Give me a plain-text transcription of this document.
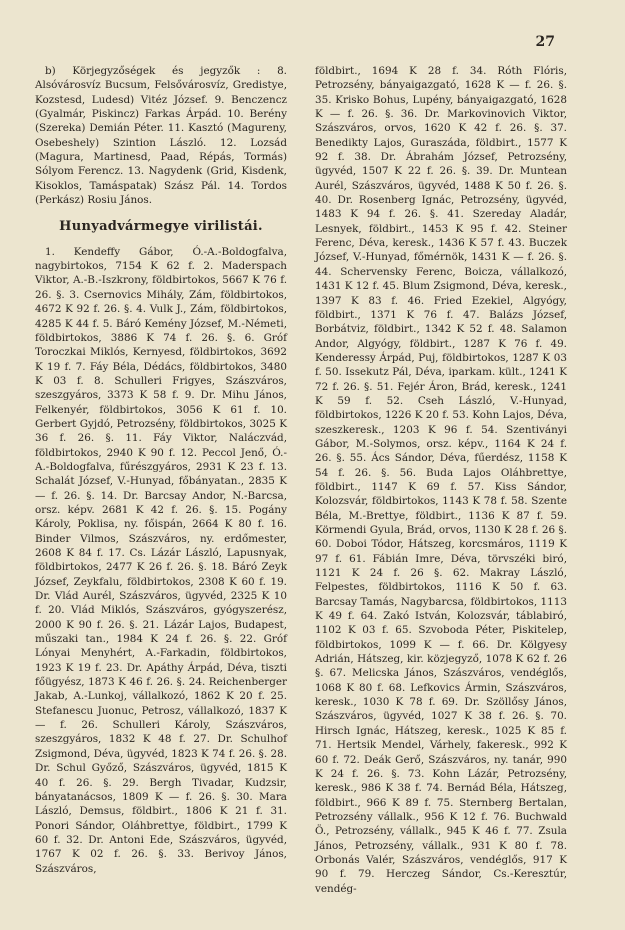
27

b) Körjegyzőségek és jegyzők : 8. Alsóvárosvíz Bucsum, Felsővárosvíz, Gredistye, Kozstesd, Ludesd) Vitéz József. 9. Benczencz (Gyalmár, Piskincz) Farkas Árpád. 10. Berény (Szereka) Demián Péter. 11. Kasztó (Magureny, Osebeshely) Szintion László. 12. Lozsád (Magura, Martinesd, Paad, Répás, Tormás) Sólyom Ferencz. 13. Nagydenk (Grid, Kisdenk, Kisoklos, Tamáspatak) Szász Pál. 14. Tordos (Perkász) Rosiu János.

Hunyadvármegye virilistái.

1. Kendeffy Gábor, Ó.-A.-Boldogfalva, nagybirtokos, 7154 K 62 f. 2. Maderspach Viktor, A.-B.-Iszkrony, földbirtokos, 5667 K 76 f. 26. §. 3. Csernovics Mihály, Zám, földbirtokos, 4672 K 92 f. 26. §. 4. Vulk J., Zám, földbirtokos, 4285 K 44 f. 5. Báró Kemény József, M.-Németi, földbirtokos, 3886 K 74 f. 26. §. 6. Gróf Toroczkai Miklós, Kernyesd, földbirtokos, 3692 K 19 f. 7. Fáy Béla, Dédács, földbirtokos, 3480 K 03 f. 8. Schulleri Frigyes, Szászváros, szeszgyáros, 3373 K 58 f. 9. Dr. Mihu János, Felkenyér, földbirtokos, 3056 K 61 f. 10. Gerbert Gyjdó, Petrozsény, földbirtokos, 3025 K 36 f. 26. §. 11. Fáy Viktor, Naláczvád, földbirtokos, 2940 K 90 f. 12. Peccol Jenő, Ó.-A.-Boldogfalva, fűrészgyáros, 2931 K 23 f. 13. Schalát József, V.-Hunyad, főbányatan., 2835 K — f. 26. §. 14. Dr. Barcsay Andor, N.-Barcsa, orsz. képv. 2681 K 42 f. 26. §. 15. Pogány Károly, Poklisa, ny. főispán, 2664 K 80 f. 16. Binder Vilmos, Szászváros, ny. erdőmester, 2608 K 84 f. 17. Cs. Lázár László, Lapusnyak, földbirtokos, 2477 K 26 f. 26. §. 18. Báró Zeyk József, Zeykfalu, földbirtokos, 2308 K 60 f. 19. Dr. Vlád Aurél, Szászváros, ügyvéd, 2325 K 10 f. 20. Vlád Miklós, Szászváros, gyógyszerész, 2000 K 90 f. 26. §. 21. Lázár Lajos, Budapest, műszaki tan., 1984 K 24 f. 26. §. 22. Gróf Lónyai Menyhért, A.-Farkadin, földbirtokos, 1923 K 19 f. 23. Dr. Apáthy Árpád, Déva, tiszti főügyész, 1873 K 46 f. 26. §. 24. Reichenberger Jakab, A.-Lunkoj, vállalkozó, 1862 K 20 f. 25. Stefanescu Juonuc, Petrosz, vállalkozó, 1837 K — f. 26. Schulleri Károly, Szászváros, szeszgyáros, 1832 K 48 f. 27. Dr. Schulhof Zsigmond, Déva, ügyvéd, 1823 K 74 f. 26. §. 28. Dr. Schul Győző, Szászváros, ügyvéd, 1815 K 40 f. 26. §. 29. Bergh Tivadar, Kudzsir, bányatanácsos, 1809 K — f. 26. §. 30. Mara László, Demsus, földbirt., 1806 K 21 f. 31. Ponori Sándor, Oláhbrettye, földbirt., 1799 K 60 f. 32. Dr. Antoni Ede, Szászváros, ügyvéd, 1767 K 02 f. 26. §. 33. Berivoy János, Szászváros,

földbirt., 1694 K 28 f. 34. Róth Flóris, Petrozsény, bányaigazgató, 1628 K — f. 26. §. 35. Krisko Bohus, Lupény, bányaigazgató, 1628 K — f. 26. §. 36. Dr. Markovinovich Viktor, Szászváros, orvos, 1620 K 42 f. 26. §. 37. Benedikty Lajos, Guraszáda, földbirt., 1577 K 92 f. 38. Dr. Ábrahám József, Petrozsény, ügyvéd, 1507 K 22 f. 26. §. 39. Dr. Muntean Aurél, Szászváros, ügyvéd, 1488 K 50 f. 26. §. 40. Dr. Rosenberg Ignác, Petrozsény, ügyvéd, 1483 K 94 f. 26. §. 41. Szereday Aladár, Lesnyek, földbirt., 1453 K 95 f. 42. Steiner Ferenc, Déva, keresk., 1436 K 57 f. 43. Buczek József, V.-Hunyad, főmérnök, 1431 K — f. 26. §. 44. Schervensky Ferenc, Boicza, vállalkozó, 1431 K 12 f. 45. Blum Zsigmond, Déva, keresk., 1397 K 83 f. 46. Fried Ezekiel, Algyógy, földbirt., 1371 K 76 f. 47. Balázs József, Borbátviz, földbirt., 1342 K 52 f. 48. Salamon Andor, Algyógy, földbirt., 1287 K 76 f. 49. Kenderessy Árpád, Puj, földbirtokos, 1287 K 03 f. 50. Issekutz Pál, Déva, iparkam. kült., 1241 K 72 f. 26. §. 51. Fejér Áron, Brád, keresk., 1241 K 59 f. 52. Cseh László, V.-Hunyad, földbirtokos, 1226 K 20 f. 53. Kohn Lajos, Déva, szeszkeresk., 1203 K 96 f. 54. Szentiványi Gábor, M.-Solymos, orsz. képv., 1164 K 24 f. 26. §. 55. Ács Sándor, Déva, fűerdész, 1158 K 54 f. 26. §. 56. Buda Lajos Oláhbrettye, földbirt., 1147 K 69 f. 57. Kiss Sándor, Kolozsvár, földbirtokos, 1143 K 78 f. 58. Szente Béla, M.-Brettye, földbirt., 1136 K 87 f. 59. Körmendi Gyula, Brád, orvos, 1130 K 28 f. 26 §. 60. Doboi Tódor, Hátszeg, korcsmáros, 1119 K 97 f. 61. Fábián Imre, Déva, törvszéki biró, 1121 K 24 f. 26 §. 62. Makray László, Felpestes, földbirtokos, 1116 K 50 f. 63. Barcsay Tamás, Nagybarcsa, földbirtokos, 1113 K 49 f. 64. Zakó István, Kolozsvár, táblabiró, 1102 K 03 f. 65. Szvoboda Péter, Piskitelep, földbirtokos, 1099 K — f. 66. Dr. Kölgyesy Adrián, Hátszeg, kir. közjegyző, 1078 K 62 f. 26 §. 67. Melicska János, Szászváros, vendéglős, 1068 K 80 f. 68. Lefkovics Ármin, Szászváros, keresk., 1030 K 78 f. 69. Dr. Szöllősy János, Szászváros, ügyvéd, 1027 K 38 f. 26. §. 70. Hirsch Ignác, Hátszeg, keresk., 1025 K 85 f. 71. Hertsik Mendel, Várhely, fakeresk., 992 K 60 f. 72. Deák Gerő, Szászváros, ny. tanár, 990 K 24 f. 26. §. 73. Kohn Lázár, Petrozsény, keresk., 986 K 38 f. 74. Bernád Béla, Hátszeg, földbirt., 966 K 89 f. 75. Sternberg Bertalan, Petrozsény vállalk., 956 K 12 f. 76. Buchwald Ö., Petrozsény, vállalk., 945 K 46 f. 77. Zsula János, Petrozsény, vállalk., 931 K 80 f. 78. Orbonás Valér, Szászváros, vendéglős, 917 K 90 f. 79. Herczeg Sándor, Cs.-Keresztúr, vendég-
